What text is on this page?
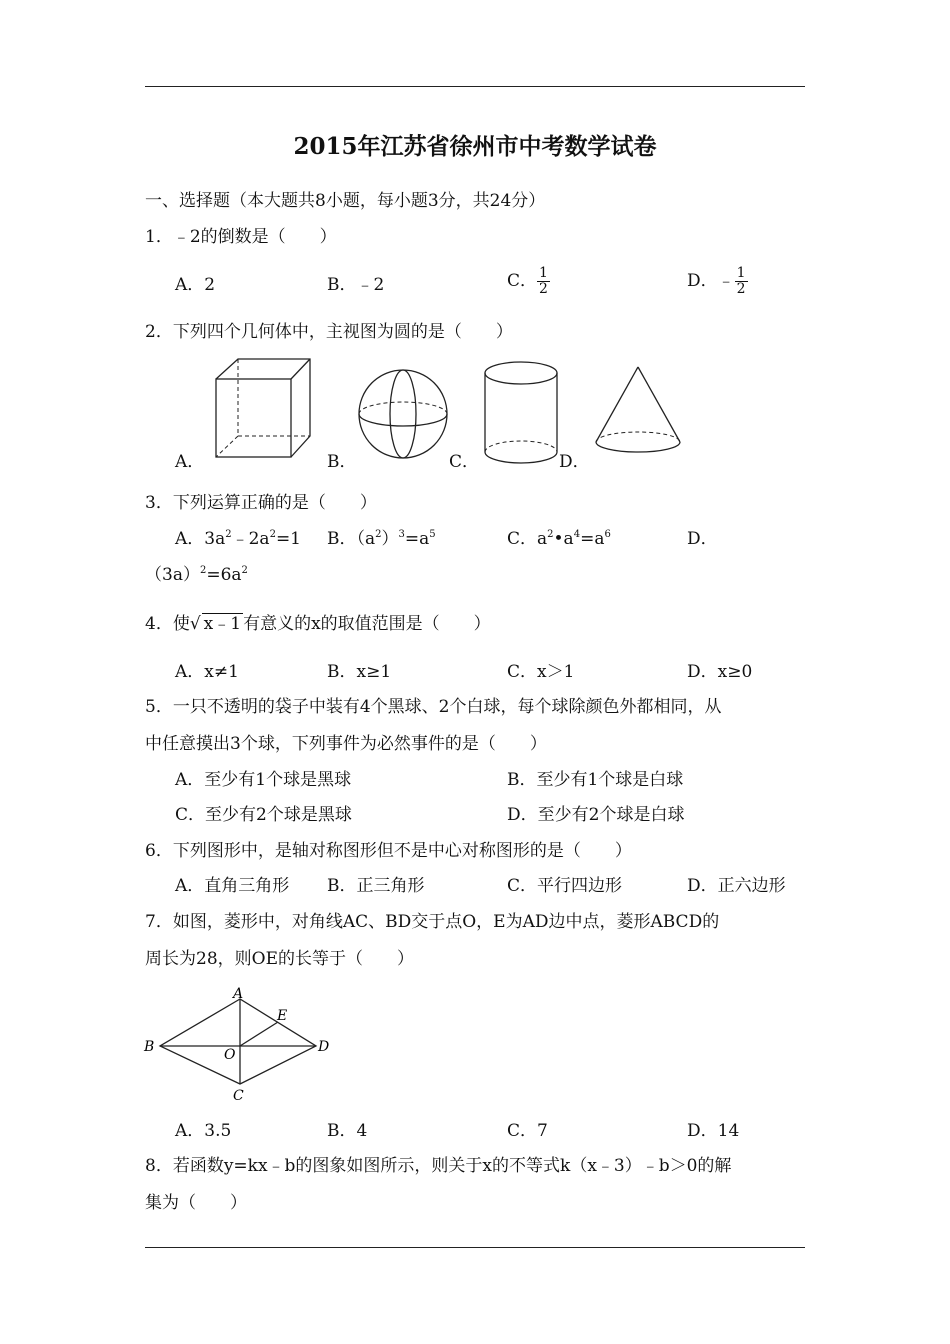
2015年江苏省徐州市中考数学试卷
一、选择题（本大题共8小题，每小题3分，共24分）
1．﹣2的倒数是（　　）
A．2	B．﹣2	C． $\frac{1}{2}$	D．﹣ $\frac{1}{2}$
2．下列四个几何体中，主视图为圆的是（　　）
A．	B．	C．	D．
3．下列运算正确的是（　　）
A．$3a^2﹣2a^2=1$ B．$(a^2)^3=a^5$	C．$a^2•a^4=a^6$	D．
$(3a)^2=6a^2$
4．使√ x﹣1 有意义的x的取值范围是（　　）
A．x≠1	B．x≥1	C．x＞1	D．x≥0
5．一只不透明的袋子中装有4个黑球、2个白球，每个球除颜色外都相同，从
中任意摸出3个球，下列事件为必然事件的是（　　）
A．至少有1个球是黑球	B．至少有1个球是白球
C．至少有2个球是黑球	D．至少有2个球是白球
6．下列图形中，是轴对称图形但不是中心对称图形的是（　　）
A．直角三角形 B．正三角形	C．平行四边形	D．正六边形
7．如图，菱形中，对角线AC、BD交于点O，E为AD边中点，菱形ABCD的
周长为28，则OE的长等于（　　）
A
B
C
D
E
O
A．3.5	B．4	C．7	D．14
8．若函数y=kx﹣b的图象如图所示，则关于x的不等式k（x﹣3）﹣b＞0的解
集为（　　）
